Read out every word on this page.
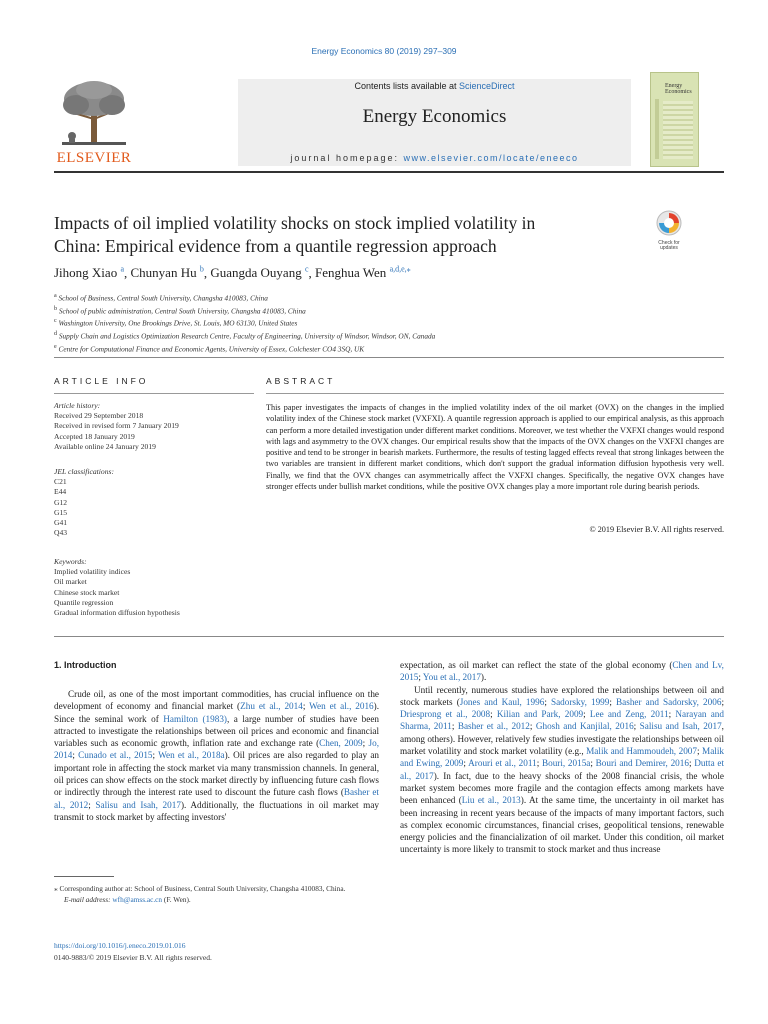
Energy Economics 80 (2019) 297–309
ELSEVIER
Contents lists available at ScienceDirect
Energy Economics
journal homepage: www.elsevier.com/locate/eneeco
Energy
Economics
Impacts of oil implied volatility shocks on stock implied volatility in
China: Empirical evidence from a quantile regression approach	Check for
updates
Jihong Xiao $^a$, Chunyan Hu $^b$, Guangda Ouyang $^c$, Fenghua Wen $^{a,d,e,⁎}$
$^a$ School of Business, Central South University, Changsha 410083, China
$^b$ School of public administration, Central South University, Changsha 410083, China
$^c$ Washington University, One Brookings Drive, St. Louis, MO 63130, United States
$^d$ Supply Chain and Logistics Optimization Research Centre, Faculty of Engineering, University of Windsor, Windsor, ON, Canada
$^e$ Centre for Computational Finance and Economic Agents, University of Essex, Colchester CO4 3SQ, UK
ARTICLE INFO
Article history:
Received 29 September 2018
Received in revised form 7 January 2019
Accepted 18 January 2019
Available online 24 January 2019
JEL classifications:
C21
E44
G12
G15
G41
Q43
Keywords:
Implied volatility indices
Oil market
Chinese stock market
Quantile regression
Gradual information diffusion hypothesis
ABSTRACT
This paper investigates the impacts of changes in the implied volatility index of the oil market (OVX) on the changes in the implied volatility index of the Chinese stock market (VXFXI). A quantile regression approach is applied to our empirical analysis, as this approach can perform a more detailed investigation under different market conditions. Moreover, we test whether the VXFXI changes would respond with lags and asymmetry to the OVX changes. Our empirical results show that the impacts of the OVX changes on the VXFXI changes are positive and tend to be stronger in bearish markets. Furthermore, the results of testing lagged effects reveal that strong linkages between the two variables are transient in different market conditions, which don't support the gradual information diffusion hypothesis very well. Finally, we find that the OVX changes can asymmetrically affect the VXFXI changes. Specifically, the negative OVX changes have stronger effects under bullish market conditions, while the positive OVX changes play a more important role during bearish periods.
© 2019 Elsevier B.V. All rights reserved.
1. Introduction

Crude oil, as one of the most important commodities, has crucial influence on the development of economy and financial market (Zhu et al., 2014; Wen et al., 2016). Since the seminal work of Hamilton (1983), a large number of studies have been attracted to investigate the relationships between oil prices and economic and financial variables such as economic growth, inflation rate and exchange rate (Chen, 2009; Jo, 2014; Cunado et al., 2015; Wen et al., 2018a). Oil prices are also regarded to play an important role in affecting the stock market via many transmission channels. In general, oil prices can show effects on the stock market directly by influencing future cash flows or indirectly through the interest rate used to discount the future cash flows (Basher et al., 2012; Salisu and Isah, 2017). Additionally, the fluctuations in oil market may transmit to stock market by affecting investors'

expectation, as oil market can reflect the state of the global economy (Chen and Lv, 2015; You et al., 2017).

Until recently, numerous studies have explored the relationships between oil and stock markets (Jones and Kaul, 1996; Sadorsky, 1999; Basher and Sadorsky, 2006; Driesprong et al., 2008; Kilian and Park, 2009; Lee and Zeng, 2011; Narayan and Sharma, 2011; Basher et al., 2012; Ghosh and Kanjilal, 2016; Salisu and Isah, 2017, among others). However, relatively few studies investigate the relationships between oil market volatility and stock market volatility (e.g., Malik and Hammoudeh, 2007; Malik and Ewing, 2009; Arouri et al., 2011; Bouri, 2015a; Bouri and Demirer, 2016; Dutta et al., 2017). In fact, due to the heavy shocks of the 2008 financial crisis, the whole market system becomes more fragile and the contagion effects among markets have been enhanced (Liu et al., 2013). At the same time, the uncertainty in oil market has been increasing in recent years because of the impacts of many important factors, such as complex economic circumstances, financial crises, geopolitical tensions, renewable energy policies and the financialization of oil market. Under this condition, oil market uncertainty is more likely to transmit to stock market and thus increase

⁎ Corresponding author at: School of Business, Central South University, Changsha 410083, China.
E-mail address: wfh@amss.ac.cn (F. Wen).
https://doi.org/10.1016/j.eneco.2019.01.016
0140-9883/© 2019 Elsevier B.V. All rights reserved.
